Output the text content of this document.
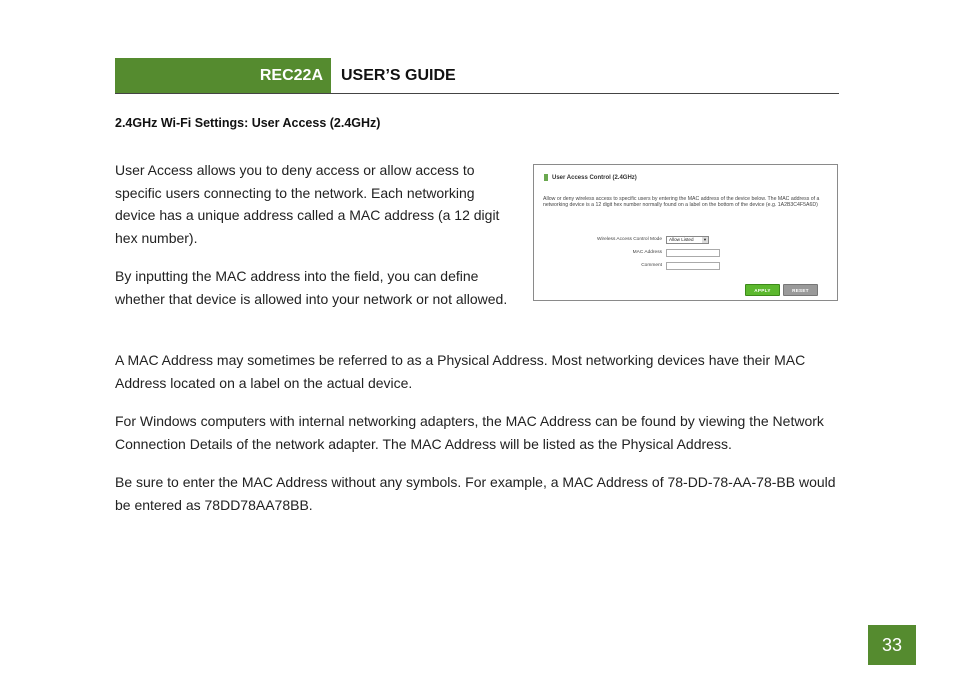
REC22A USER’S GUIDE
2.4GHz Wi-Fi Settings: User Access (2.4GHz)

User Access allows you to deny access or allow access to specific users connecting to the network. Each networking device has a unique address called a MAC address (a 12 digit hex number).

By inputting the MAC address into the field, you can define whether that device is allowed into your network or not allowed.

A MAC Address may sometimes be referred to as a Physical Address. Most networking devices have their MAC Address located on a label on the actual device.

For Windows computers with internal networking adapters, the MAC Address can be found by viewing the Network Connection Details of the network adapter. The MAC Address will be listed as the Physical Address.

Be sure to enter the MAC Address without any symbols. For example, a MAC Address of 78-DD-78-AA-78-BB would be entered as 78DD78AA78BB.

User Access Control (2.4GHz)

Allow or deny wireless access to specific users by entering the MAC address of the device below. The MAC address of a networking device is a 12 digit hex number normally found on a label on the bottom of the device (e.g. 1A2B3C4F5A6D)

Wireless Access Control Mode	Allow Listed ▼
MAC Address
Comment
APPLY	RESET
33
